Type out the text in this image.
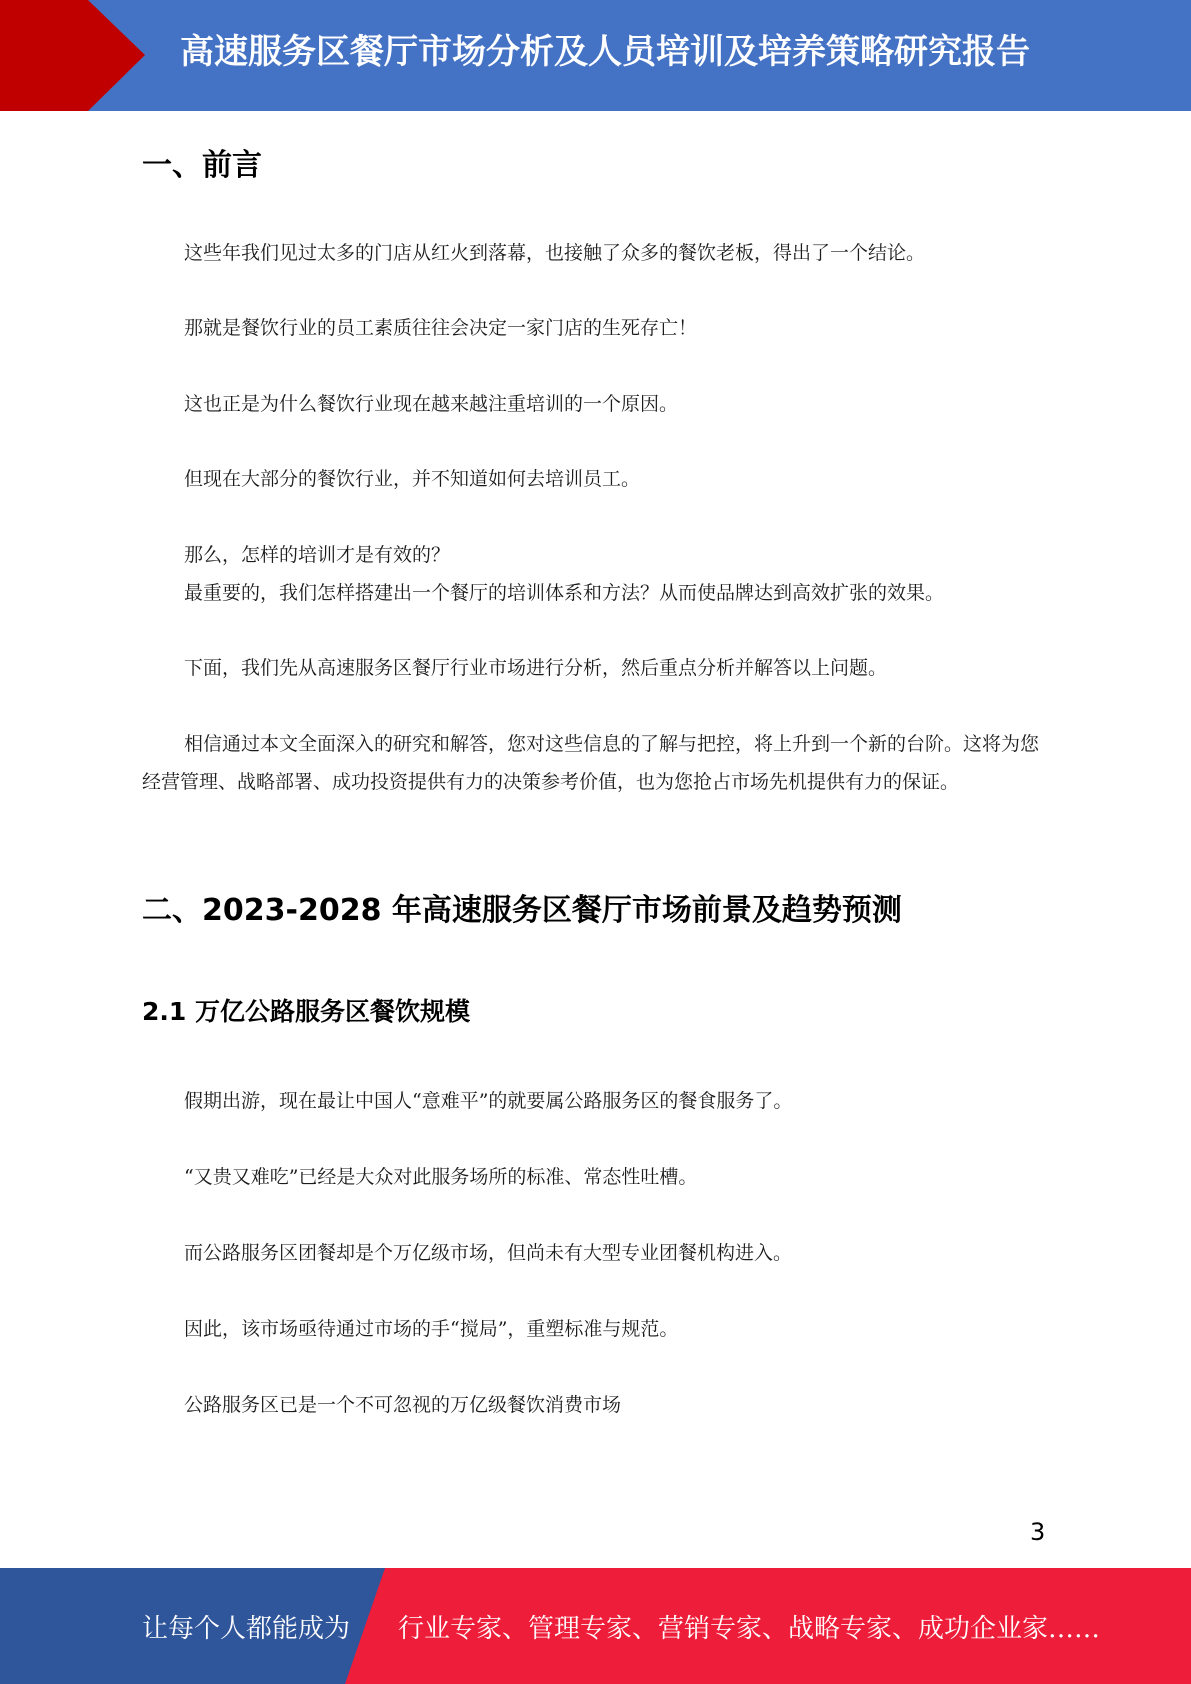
高速服务区餐厅市场分析及人员培训及培养策略研究报告
一、前言

这些年我们见过太多的门店从红火到落幕，也接触了众多的餐饮老板，得出了一个结论。

那就是餐饮行业的员工素质往往会决定一家门店的生死存亡！

这也正是为什么餐饮行业现在越来越注重培训的一个原因。

但现在大部分的餐饮行业，并不知道如何去培训员工。

那么，怎样的培训才是有效的？

最重要的，我们怎样搭建出一个餐厅的培训体系和方法？从而使品牌达到高效扩张的效果。

下面，我们先从高速服务区餐厅行业市场进行分析，然后重点分析并解答以上问题。

相信通过本文全面深入的研究和解答，您对这些信息的了解与把控，将上升到一个新的台阶。这将为您经营管理、战略部署、成功投资提供有力的决策参考价值，也为您抢占市场先机提供有力的保证。

二、2023-2028 年高速服务区餐厅市场前景及趋势预测
2.1 万亿公路服务区餐饮规模

假期出游，现在最让中国人“意难平”的就要属公路服务区的餐食服务了。

“又贵又难吃”已经是大众对此服务场所的标准、常态性吐槽。

而公路服务区团餐却是个万亿级市场，但尚未有大型专业团餐机构进入。

因此，该市场亟待通过市场的手“搅局”，重塑标准与规范。

公路服务区已是一个不可忽视的万亿级餐饮消费市场

3
让每个人都能成为 行业专家、管理专家、营销专家、战略专家、成功企业家……
